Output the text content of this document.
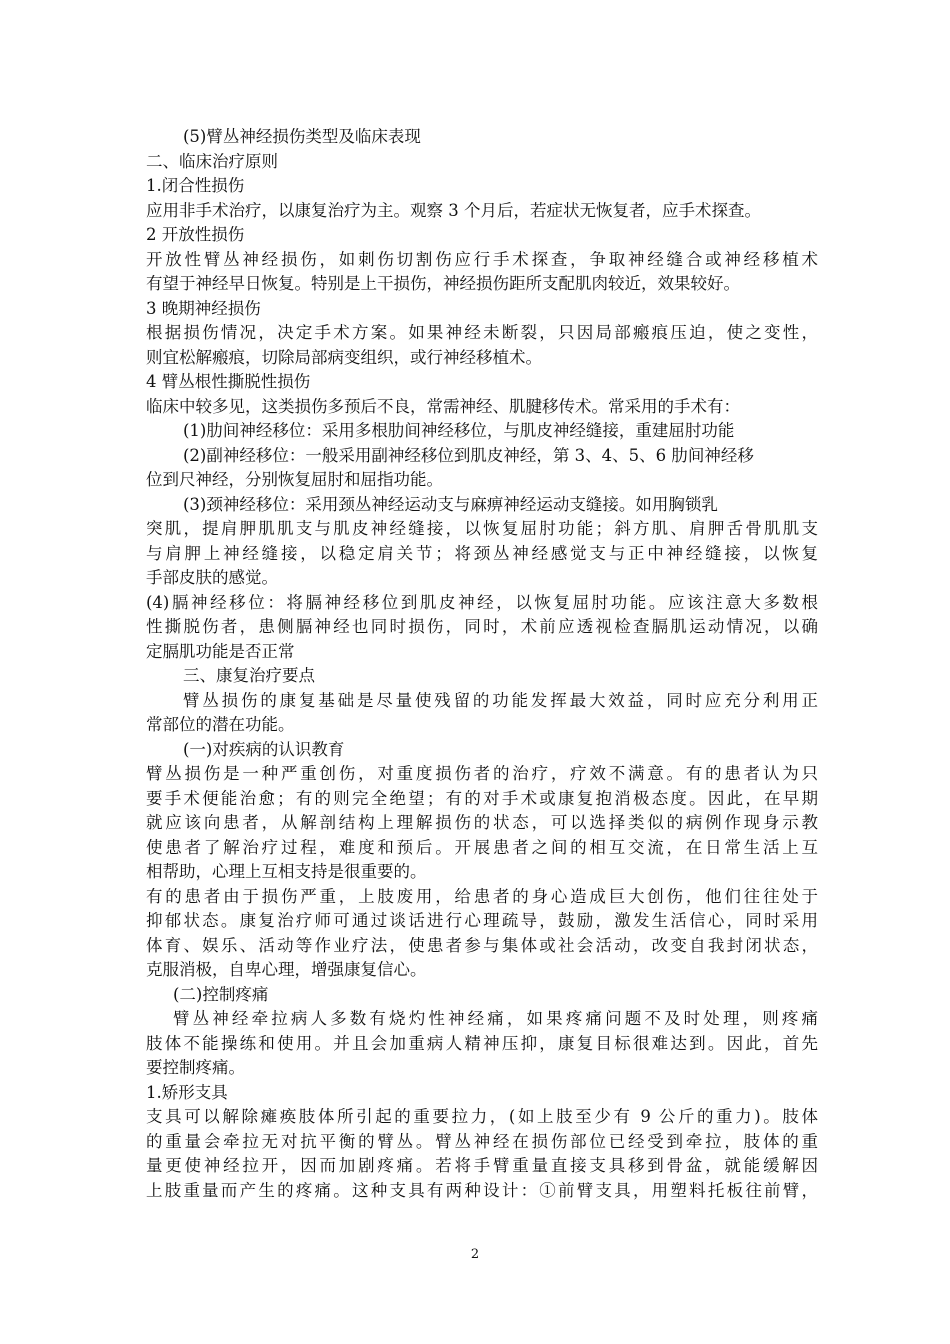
(5)臂丛神经损伤类型及临床表现
二、临床治疗原则
1.闭合性损伤
应用非手术治疗，以康复治疗为主。观察 3 个月后，若症状无恢复者，应手术探查。
2 开放性损伤
开放性臂丛神经损伤，如刺伤切割伤应行手术探查，争取神经缝合或神经移植术
有望于神经早日恢复。特别是上干损伤，神经损伤距所支配肌肉较近，效果较好。
3 晚期神经损伤
根据损伤情况，决定手术方案。如果神经未断裂，只因局部瘢痕压迫，使之变性，
则宜松解瘢痕，切除局部病变组织，或行神经移植术。
4 臂丛根性撕脱性损伤
临床中较多见，这类损伤多预后不良，常需神经、肌腱移传术。常采用的手术有：
(1)肋间神经移位：采用多根肋间神经移位，与肌皮神经缝接，重建屈肘功能
(2)副神经移位：一般采用副神经移位到肌皮神经，第 3、4、5、6 肋间神经移
位到尺神经，分别恢复屈肘和屈指功能。
(3)颈神经移位：采用颈丛神经运动支与麻痹神经运动支缝接。如用胸锁乳
突肌，提肩胛肌肌支与肌皮神经缝接，以恢复屈肘功能；斜方肌、肩胛舌骨肌肌支
与肩胛上神经缝接，以稳定肩关节；将颈丛神经感觉支与正中神经缝接，以恢复
手部皮肤的感觉。
(4)膈神经移位：将膈神经移位到肌皮神经，以恢复屈肘功能。应该注意大多数根
性撕脱伤者，患侧膈神经也同时损伤，同时，术前应透视检查膈肌运动情况，以确
定膈肌功能是否正常
三、康复治疗要点
臂丛损伤的康复基础是尽量使残留的功能发挥最大效益，同时应充分利用正
常部位的潜在功能。
(一)对疾病的认识教育
臂丛损伤是一种严重创伤，对重度损伤者的治疗，疗效不满意。有的患者认为只
要手术便能治愈；有的则完全绝望；有的对手术或康复抱消极态度。因此，在早期
就应该向患者，从解剖结构上理解损伤的状态，可以选择类似的病例作现身示教
使患者了解治疗过程，难度和预后。开展患者之间的相互交流，在日常生活上互
相帮助，心理上互相支持是很重要的。
有的患者由于损伤严重，上肢废用，给患者的身心造成巨大创伤，他们往往处于
抑郁状态。康复治疗师可通过谈话进行心理疏导，鼓励，激发生活信心，同时采用
体育、娱乐、活动等作业疗法，使患者参与集体或社会活动，改变自我封闭状态，
克服消极，自卑心理，增强康复信心。
(二)控制疼痛
臂丛神经牵拉病人多数有烧灼性神经痛，如果疼痛问题不及时处理，则疼痛
肢体不能操练和使用。并且会加重病人精神压抑，康复目标很难达到。因此，首先
要控制疼痛。
1.矫形支具
支具可以解除瘫痪肢体所引起的重要拉力，(如上肢至少有 9 公斤的重力)。肢体
的重量会牵拉无对抗平衡的臂丛。臂丛神经在损伤部位已经受到牵拉，肢体的重
量更使神经拉开，因而加剧疼痛。若将手臂重量直接支具移到骨盆，就能缓解因
上肢重量而产生的疼痛。这种支具有两种设计：①前臂支具，用塑料托板往前臂，
2
